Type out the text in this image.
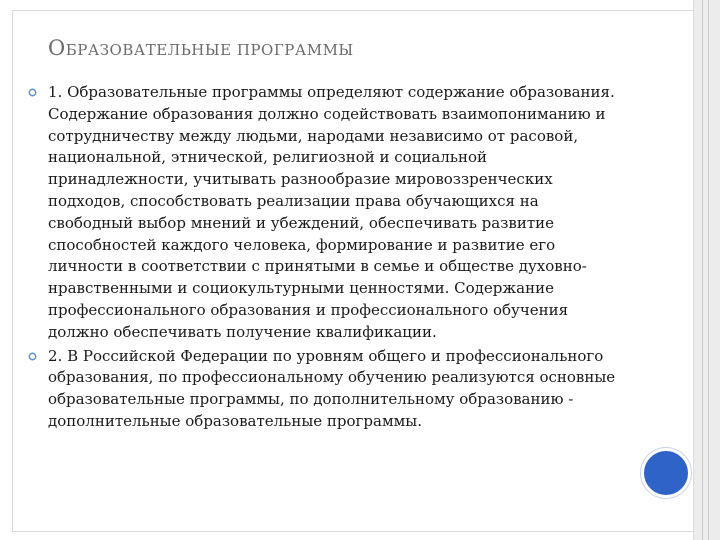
ОБРАЗОВАТЕЛЬНЫЕ ПРОГРАММЫ
1. Образовательные программы определяют содержание образования. Содержание образования должно содействовать взаимопониманию и сотрудничеству между людьми, народами независимо от расовой, национальной, этнической, религиозной и социальной принадлежности, учитывать разнообразие мировоззренческих подходов, способствовать реализации права обучающихся на свободный выбор мнений и убеждений, обеспечивать развитие способностей каждого человека, формирование и развитие его личности в соответствии с принятыми в семье и обществе духовно-нравственными и социокультурными ценностями. Содержание профессионального образования и профессионального обучения должно обеспечивать получение квалификации.
2. В Российской Федерации по уровням общего и профессионального образования, по профессиональному обучению реализуются основные образовательные программы, по дополнительному образованию - дополнительные образовательные программы.
